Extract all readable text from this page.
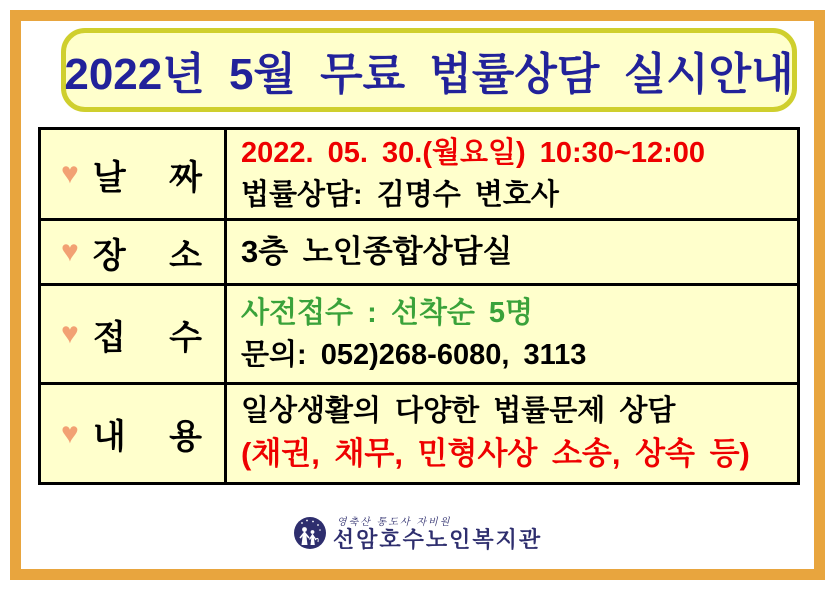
2022년 5월 무료 법률상담 실시안내
♥ 날 짜
2022. 05. 30.(월요일) 10:30~12:00
법률상담: 김명수 변호사
♥ 장 소 3층 노인종합상담실
♥ 접 수
사전접수 : 선착순 5명
문의: 052)268-6080, 3113
♥ 내 용
일상생활의 다양한 법률문제 상담
(채권, 채무, 민형사상 소송, 상속 등)
영축산 통도사 자비원
선암호수노인복지관
